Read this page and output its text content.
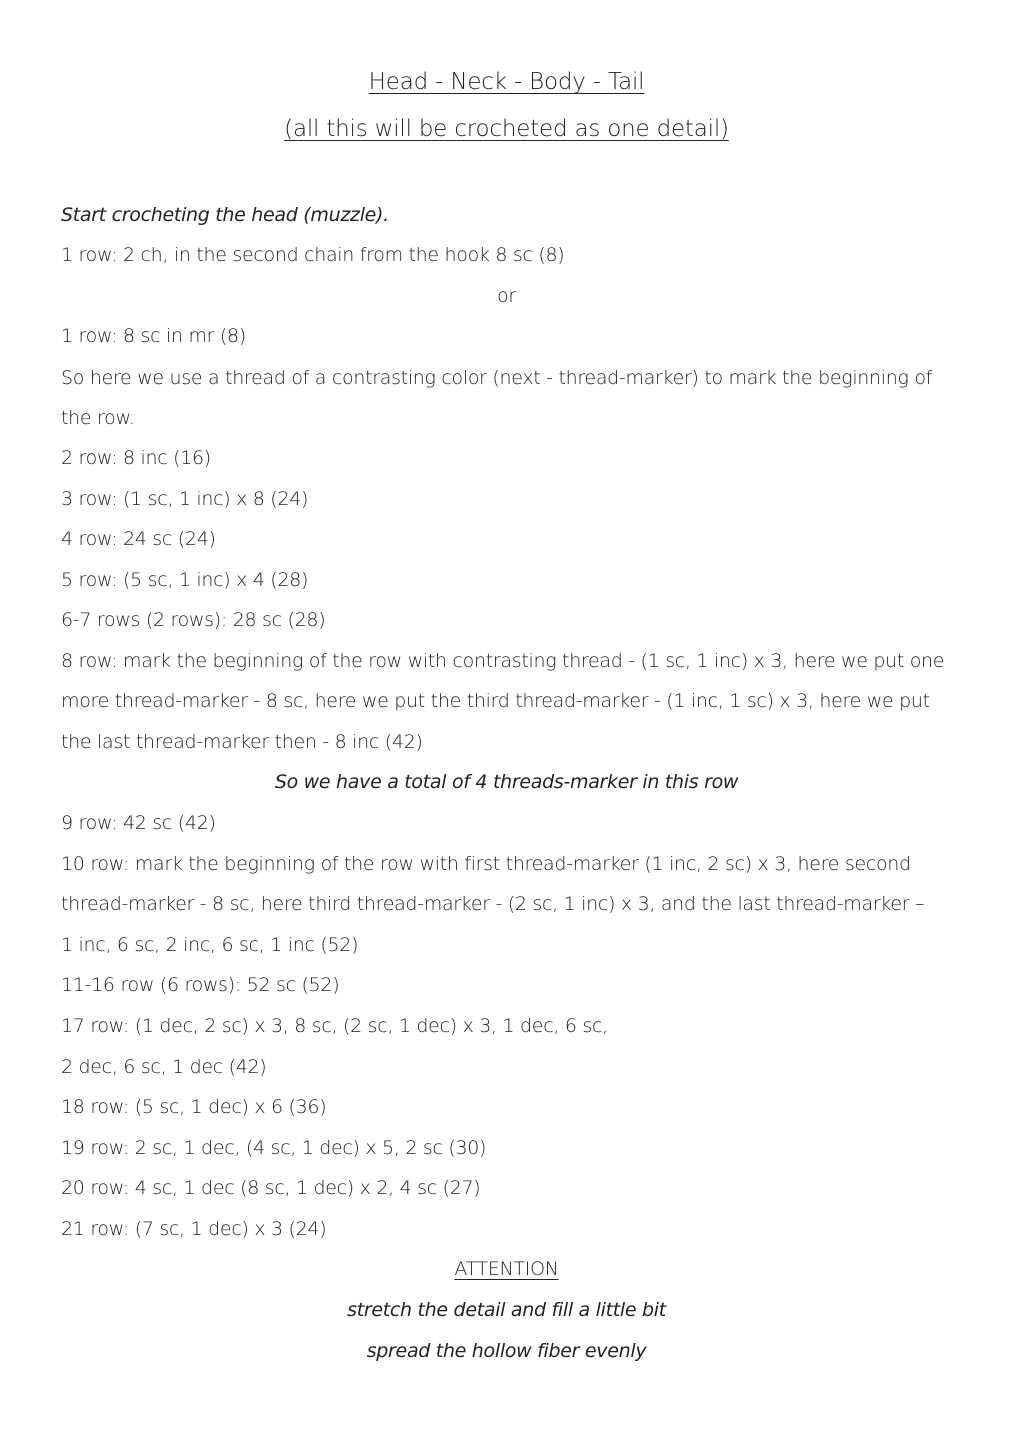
Head - Neck - Body - Tail
(all this will be crocheted as one detail)
Start crocheting the head (muzzle).
1 row: 2 ch, in the second chain from the hook 8 sc (8)
or
1 row: 8 sc in mr (8)
So here we use a thread of a contrasting color (next - thread-marker) to mark the beginning of
the row.
2 row: 8 inc (16)
3 row: (1 sc, 1 inc) x 8 (24)
4 row: 24 sc (24)
5 row: (5 sc, 1 inc) x 4 (28)
6-7 rows (2 rows): 28 sc (28)
8 row: mark the beginning of the row with contrasting thread - (1 sc, 1 inc) x 3, here we put one
more thread-marker - 8 sc, here we put the third thread-marker - (1 inc, 1 sc) x 3, here we put
the last thread-marker then - 8 inc (42)
So we have a total of 4 threads-marker in this row
9 row: 42 sc (42)
10 row: mark the beginning of the row with first thread-marker (1 inc, 2 sc) x 3, here second
thread-marker - 8 sc, here third thread-marker - (2 sc, 1 inc) x 3, and the last thread-marker –
1 inc, 6 sc, 2 inc, 6 sc, 1 inc (52)
11-16 row (6 rows): 52 sc (52)
17 row: (1 dec, 2 sc) x 3, 8 sc, (2 sc, 1 dec) x 3, 1 dec, 6 sc,
2 dec, 6 sc, 1 dec (42)
18 row: (5 sc, 1 dec) x 6 (36)
19 row: 2 sc, 1 dec, (4 sc, 1 dec) x 5, 2 sc (30)
20 row: 4 sc, 1 dec (8 sc, 1 dec) x 2, 4 sc (27)
21 row: (7 sc, 1 dec) x 3 (24)
ATTENTION
stretch the detail and fill a little bit
spread the hollow fiber evenly
